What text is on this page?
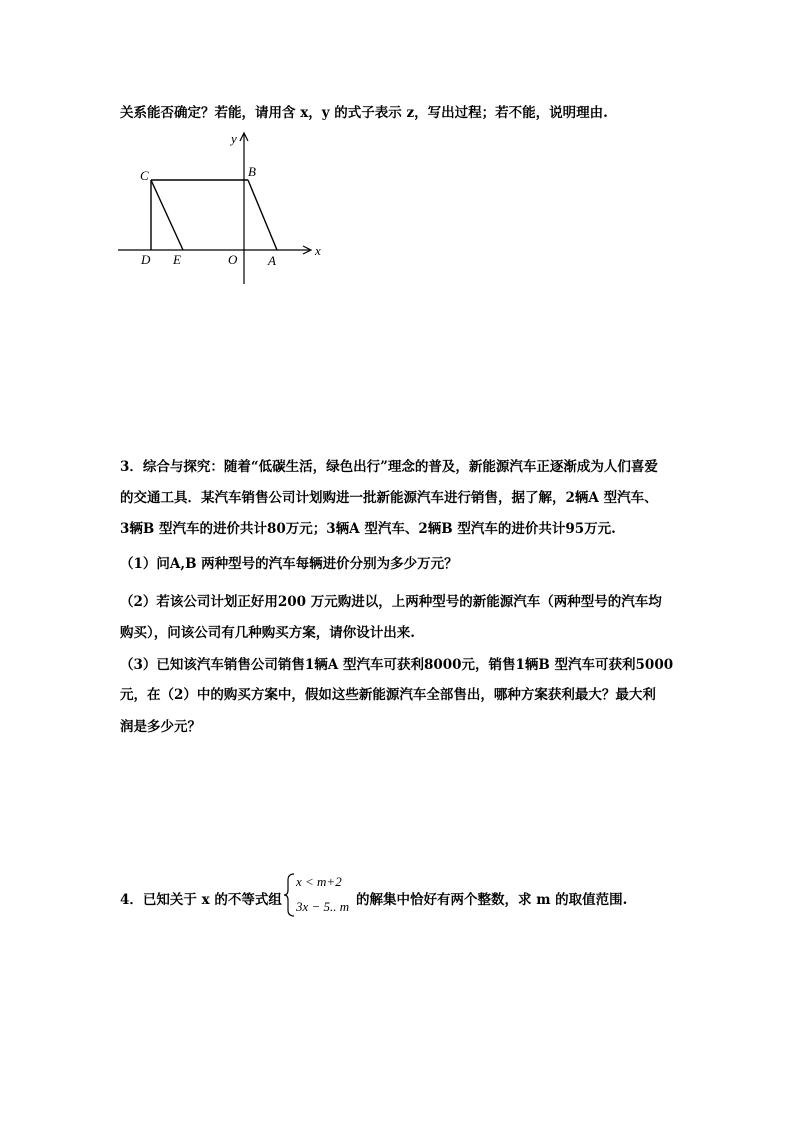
关系能否确定？若能，请用含 x，y 的式子表示 z，写出过程；若不能，说明理由.
y
x
C	B
D E	O A
3．综合与探究：随着“低碳生活，绿色出行”理念的普及，新能源汽车正逐渐成为人们喜爱
的交通工具．某汽车销售公司计划购进一批新能源汽车进行销售，据了解，2辆A 型汽车、
3辆B 型汽车的进价共计80万元；3辆A 型汽车、2辆B 型汽车的进价共计95万元.
（1）问A,B 两种型号的汽车每辆进价分别为多少万元？
（2）若该公司计划正好用200 万元购进以，上两种型号的新能源汽车（两种型号的汽车均
购买），问该公司有几种购买方案，请你设计出来.
（3）已知该汽车销售公司销售1辆A 型汽车可获利8000元，销售1辆B 型汽车可获利5000
元，在（2）中的购买方案中，假如这些新能源汽车全部售出，哪种方案获利最大？最大利
润是多少元？
4．已知关于 x 的不等式组
x < m+2
3x − 5.. m 的解集中恰好有两个整数，求 m 的取值范围.
